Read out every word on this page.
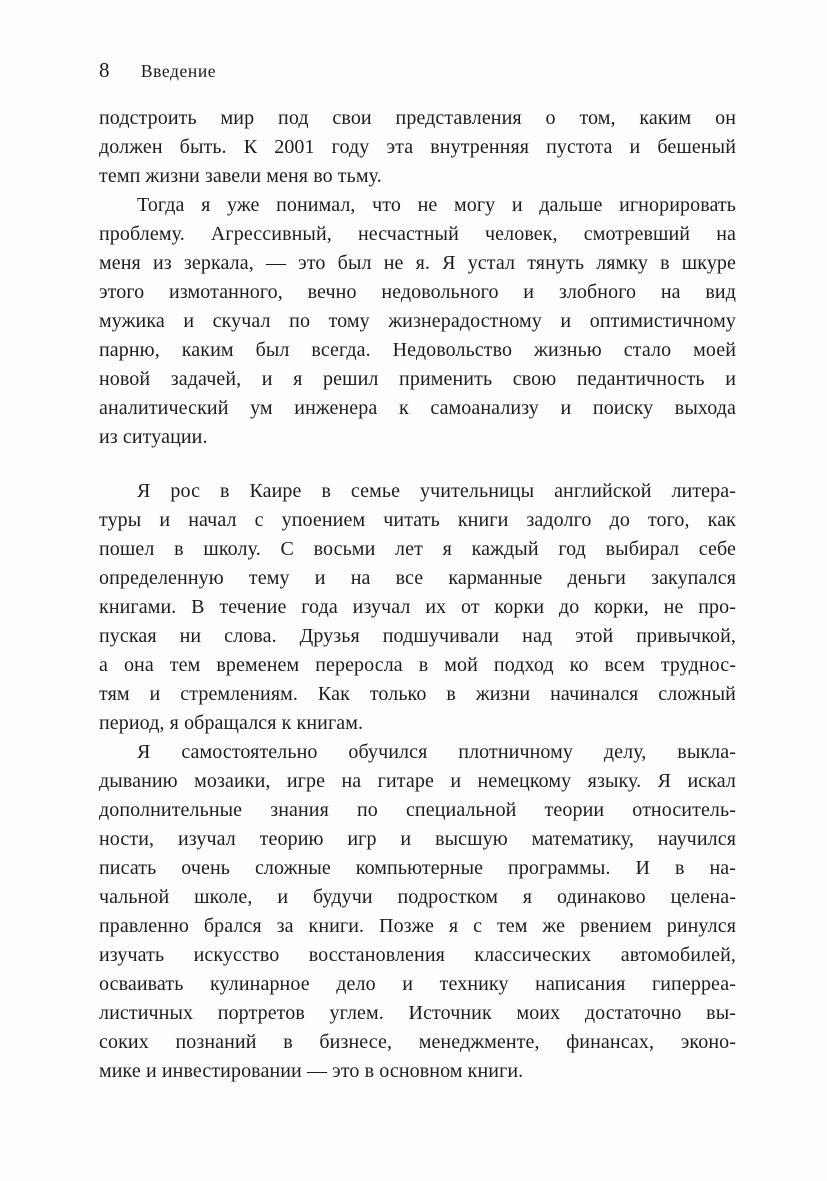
8 Введение
подстроить мир под свои представления о том, каким он
должен быть. К 2001 году эта внутренняя пустота и бешеный
темп жизни завели меня во тьму.
Тогда я уже понимал, что не могу и дальше игнорировать
проблему. Агрессивный, несчастный человек, смотревший на
меня из зеркала, — это был не я. Я устал тянуть лямку в шкуре
этого измотанного, вечно недовольного и злобного на вид
мужика и скучал по тому жизнерадостному и оптимистичному
парню, каким был всегда. Недовольство жизнью стало моей
новой задачей, и я решил применить свою педантичность и
аналитический ум инженера к самоанализу и поиску выхода
из ситуации.
Я рос в Каире в семье учительницы английской литера-
туры и начал с упоением читать книги задолго до того, как
пошел в школу. С восьми лет я каждый год выбирал себе
определенную тему и на все карманные деньги закупался
книгами. В течение года изучал их от корки до корки, не про-
пуская ни слова. Друзья подшучивали над этой привычкой,
а она тем временем переросла в мой подход ко всем труднос-
тям и стремлениям. Как только в жизни начинался сложный
период, я обращался к книгам.
Я самостоятельно обучился плотничному делу, выкла-
дыванию мозаики, игре на гитаре и немецкому языку. Я искал
дополнительные знания по специальной теории относитель-
ности, изучал теорию игр и высшую математику, научился
писать очень сложные компьютерные программы. И в на-
чальной школе, и будучи подростком я одинаково целена-
правленно брался за книги. Позже я с тем же рвением ринулся
изучать искусство восстановления классических автомобилей,
осваивать кулинарное дело и технику написания гиперреа-
листичных портретов углем. Источник моих достаточно вы-
соких познаний в бизнесе, менеджменте, финансах, эконо-
мике и инвестировании — это в основном книги.
